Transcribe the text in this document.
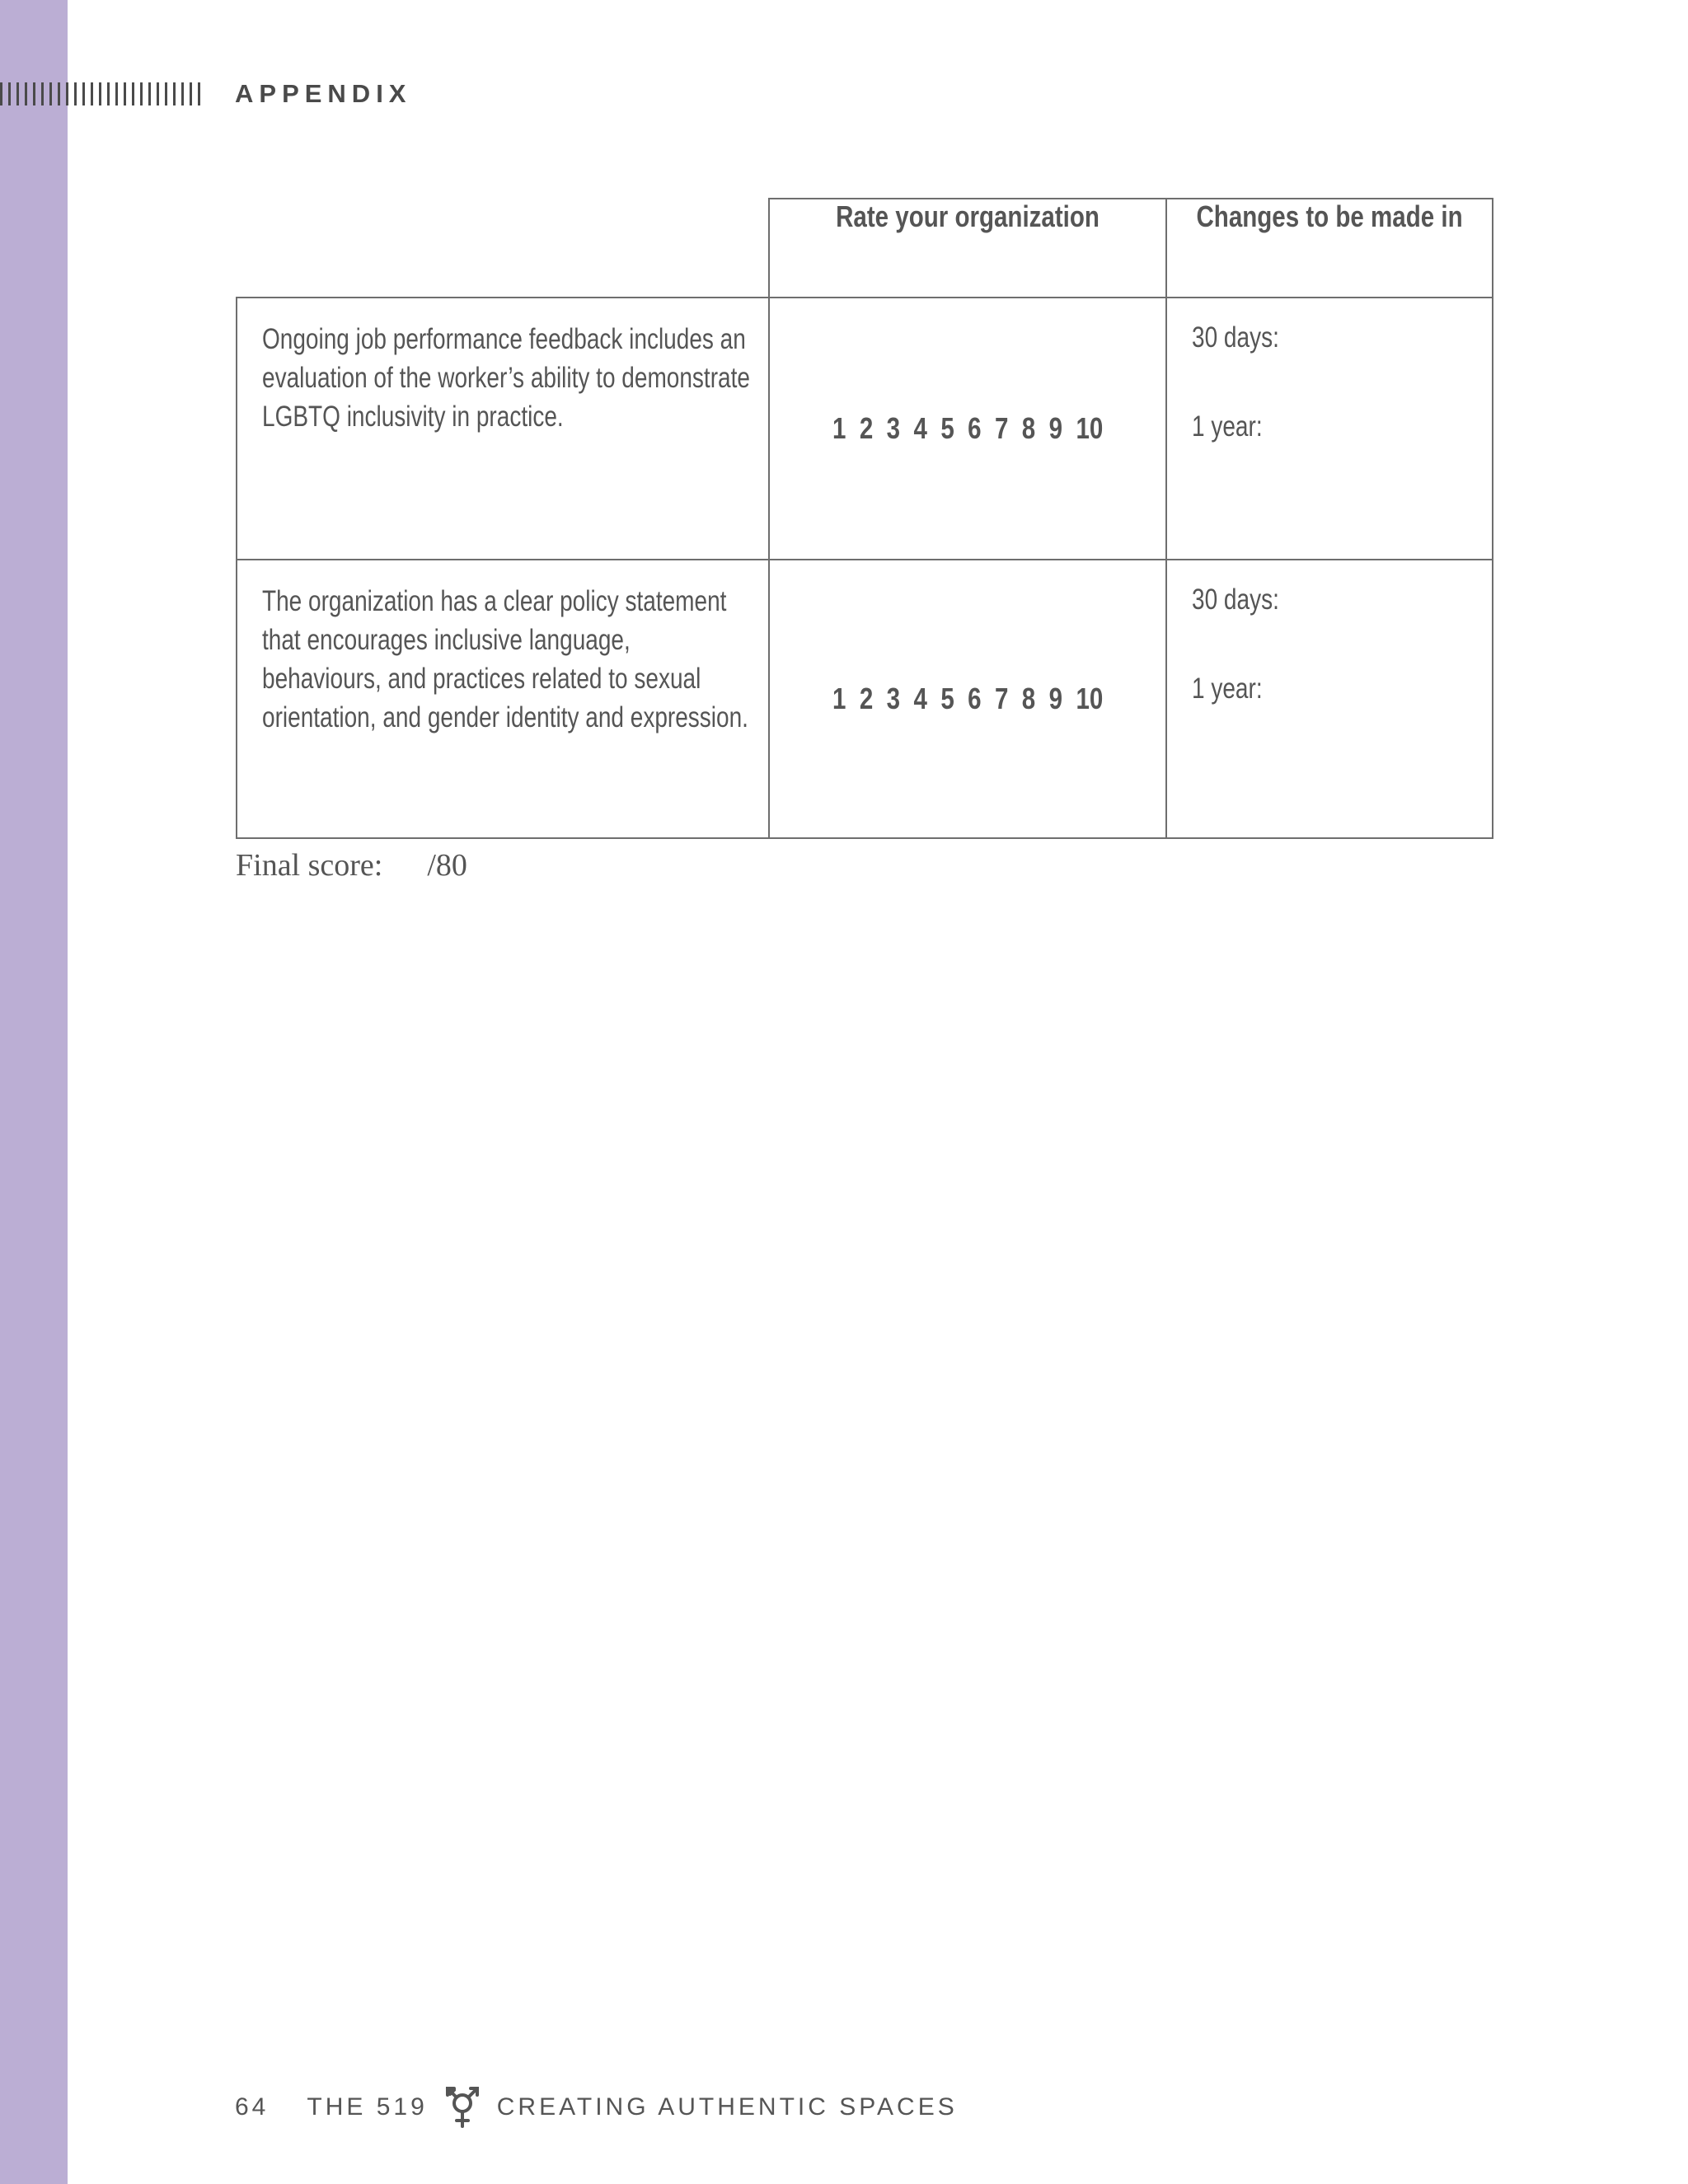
APPENDIX
	Rate your organization	Changes to be made in

Ongoing job performance feedback includes an evaluation of the worker’s ability to demonstrate LGBTQ inclusivity in practice.	1 2 3 4 5 6 7 8 9 10	30 days:
1 year:

The organization has a clear policy statement that encourages inclusive language, behaviours, and practices related to sexual orientation, and gender identity and expression.	1 2 3 4 5 6 7 8 9 10	30 days:
1 year:
Final score: /80
64 THE 519	CREATING AUTHENTIC SPACES
